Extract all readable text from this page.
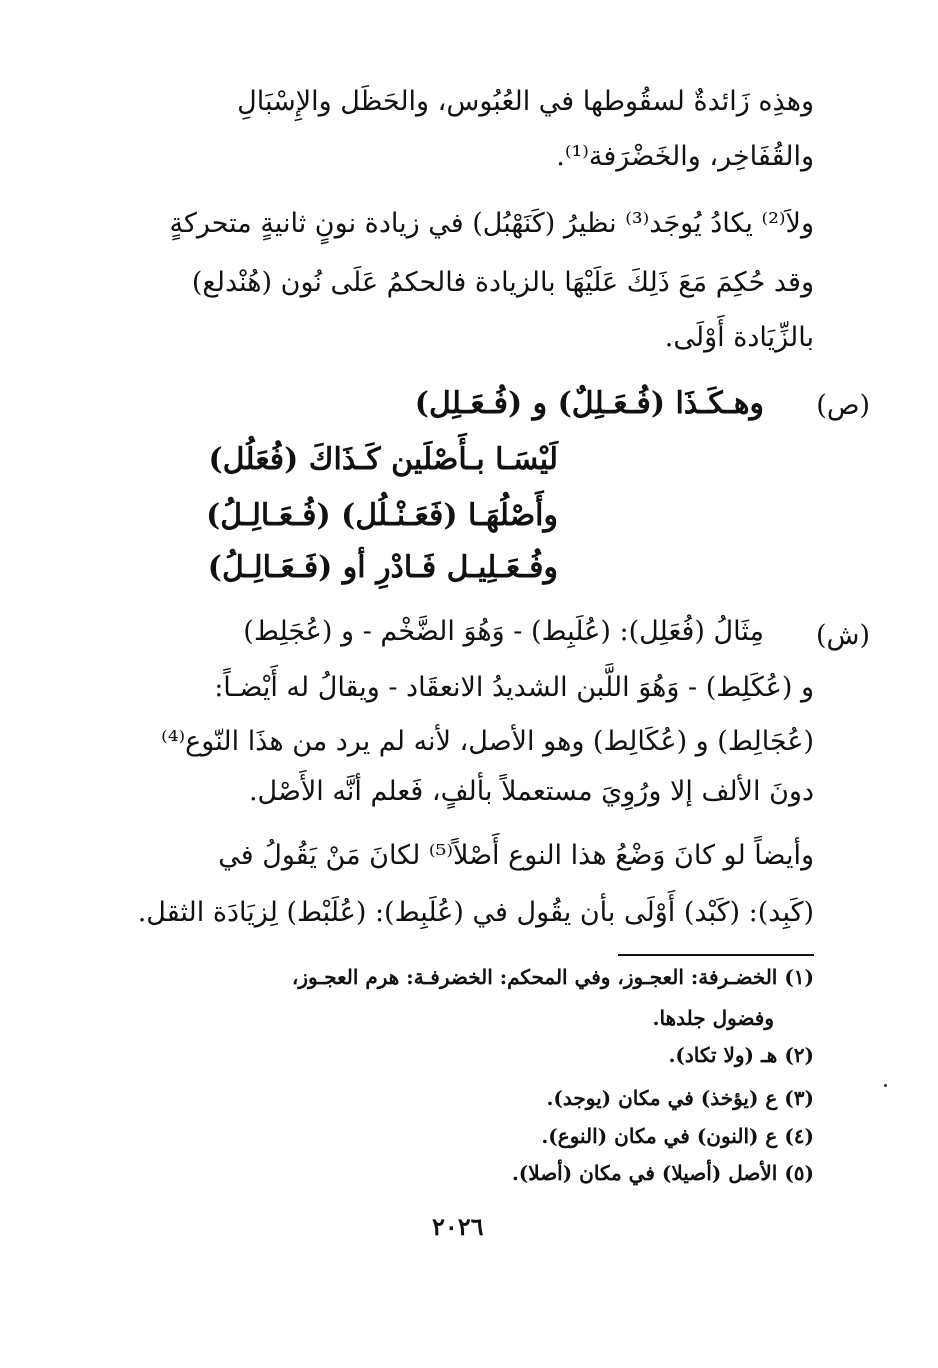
وهذِه زَائدةٌ لسقُوطها في العُبُوس، والحَظَل والإِسْبَالِ
والقُفَاخِر، والخَضْرَفة⁽¹⁾.
ولاَ⁽²⁾ يكادُ يُوجَد⁽³⁾ نظيرُ (كَنَهْبُل) في زيادة نونٍ ثانيةٍ متحركةٍ
وقد حُكِمَ مَعَ ذَلِكَ عَلَيْهَا بالزيادة فالحكمُ عَلَى نُون (هُنْدلع)
بالزِّيَادة أَوْلَى.
(ص)
وهـكَـذَا (فُـعَـلِلٌ) و (فُـعَـلِل)
لَيْسَـا بـأَصْلَين كَـذَاكَ (فُعَلُل)
وأَصْلُهَـا (فَعَـنْـلُل) (فُـعَـالِـلُ)
وفُـعَـلِيـل فَـادْرِ أو (فَـعَـالِـلُ)
(ش)
مِثَالُ (فُعَلِل): (عُلَبِط) - وَهُوَ الضَّخْم - و (عُجَلِط)
و (عُكَلِط) - وَهُوَ اللَّبن الشديدُ الانعقَاد - ويقالُ له أَيْضـاً:
(عُجَالِط) و (عُكَالِط) وهو الأصل، لأنه لم يرد من هذَا النّوع⁽⁴⁾
دونَ الألف إلا ورُوِيَ مستعملاً بألفٍ، فَعلم أنَّه الأَصْل.
وأيضاً لو كانَ وَضْعُ هذا النوع أَصْلاً⁽⁵⁾ لكانَ مَنْ يَقُولُ في
(كَبِد): (كَبْد) أَوْلَى بأن يقُول في (عُلَبِط): (عُلَبْط) لِزيَادَة الثقل.
(١) الخضـرفة: العجـوز، وفي المحكم: الخضرفـة: هرم العجـوز،
وفضول جلدها.
(٢) هـ (ولا تكاد).
(٣) ع (يؤخذ) في مكان (يوجد).
(٤) ع (النون) في مكان (النوع).
(٥) الأصل (أصيلا) في مكان (أصلا).
٢٠٢٦
